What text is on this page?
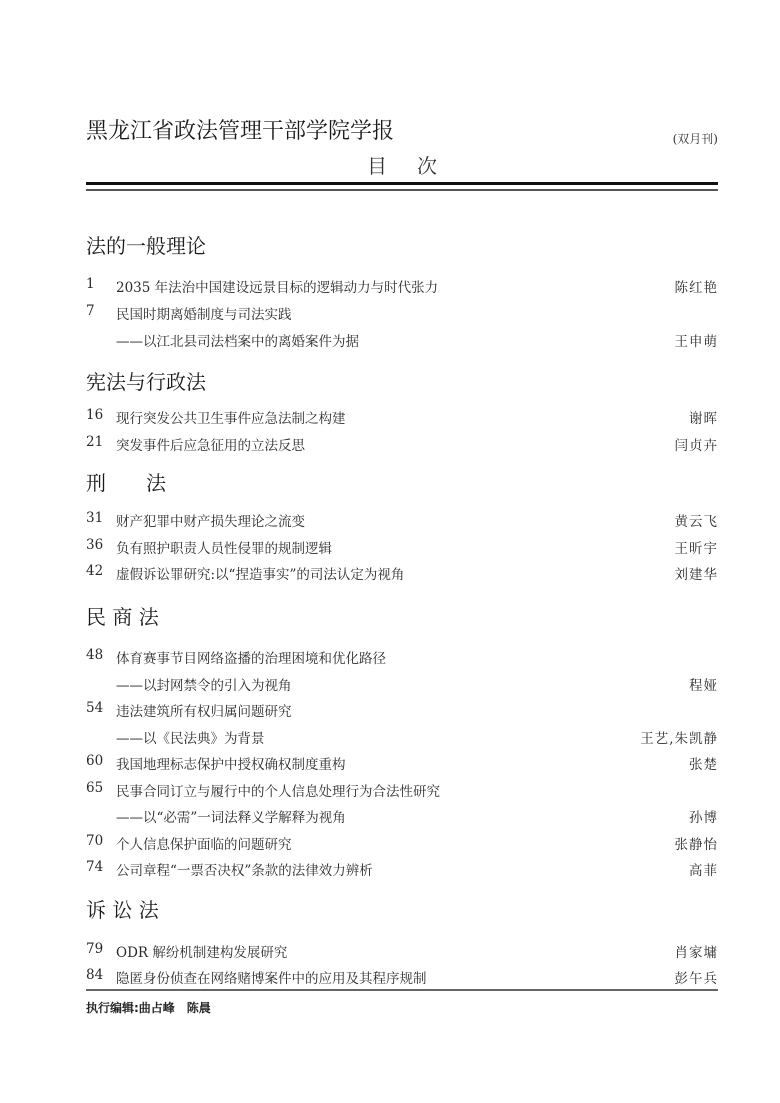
黑龙江省政法管理干部学院学报	(双月刊)
目次
法的一般理论
1	2035 年法治中国建设远景目标的逻辑动力与时代张力	陈红艳
7	民国时期离婚制度与司法实践
——以江北县司法档案中的离婚案件为据	王申萌
宪法与行政法
16 现行突发公共卫生事件应急法制之构建	谢晖
21 突发事件后应急征用的立法反思	闫贞卉
刑　　法
31 财产犯罪中财产损失理论之流变	黄云飞
36 负有照护职责人员性侵罪的规制逻辑	王昕宇
42 虚假诉讼罪研究:以“捏造事实”的司法认定为视角	刘建华
民 商 法
48 体育赛事节目网络盗播的治理困境和优化路径
——以封网禁令的引入为视角	程娅
54 违法建筑所有权归属问题研究
——以《民法典》为背景	王艺,朱凯静
60 我国地理标志保护中授权确权制度重构	张楚
65 民事合同订立与履行中的个人信息处理行为合法性研究
——以“必需”一词法释义学解释为视角	孙博
70 个人信息保护面临的问题研究	张静怡
74 公司章程“一票否决权”条款的法律效力辨析	高菲
诉 讼 法
79 ODR 解纷机制建构发展研究	肖家墉
84 隐匿身份侦查在网络赌博案件中的应用及其程序规制	彭午兵
执行编辑:曲占峰　陈晨
